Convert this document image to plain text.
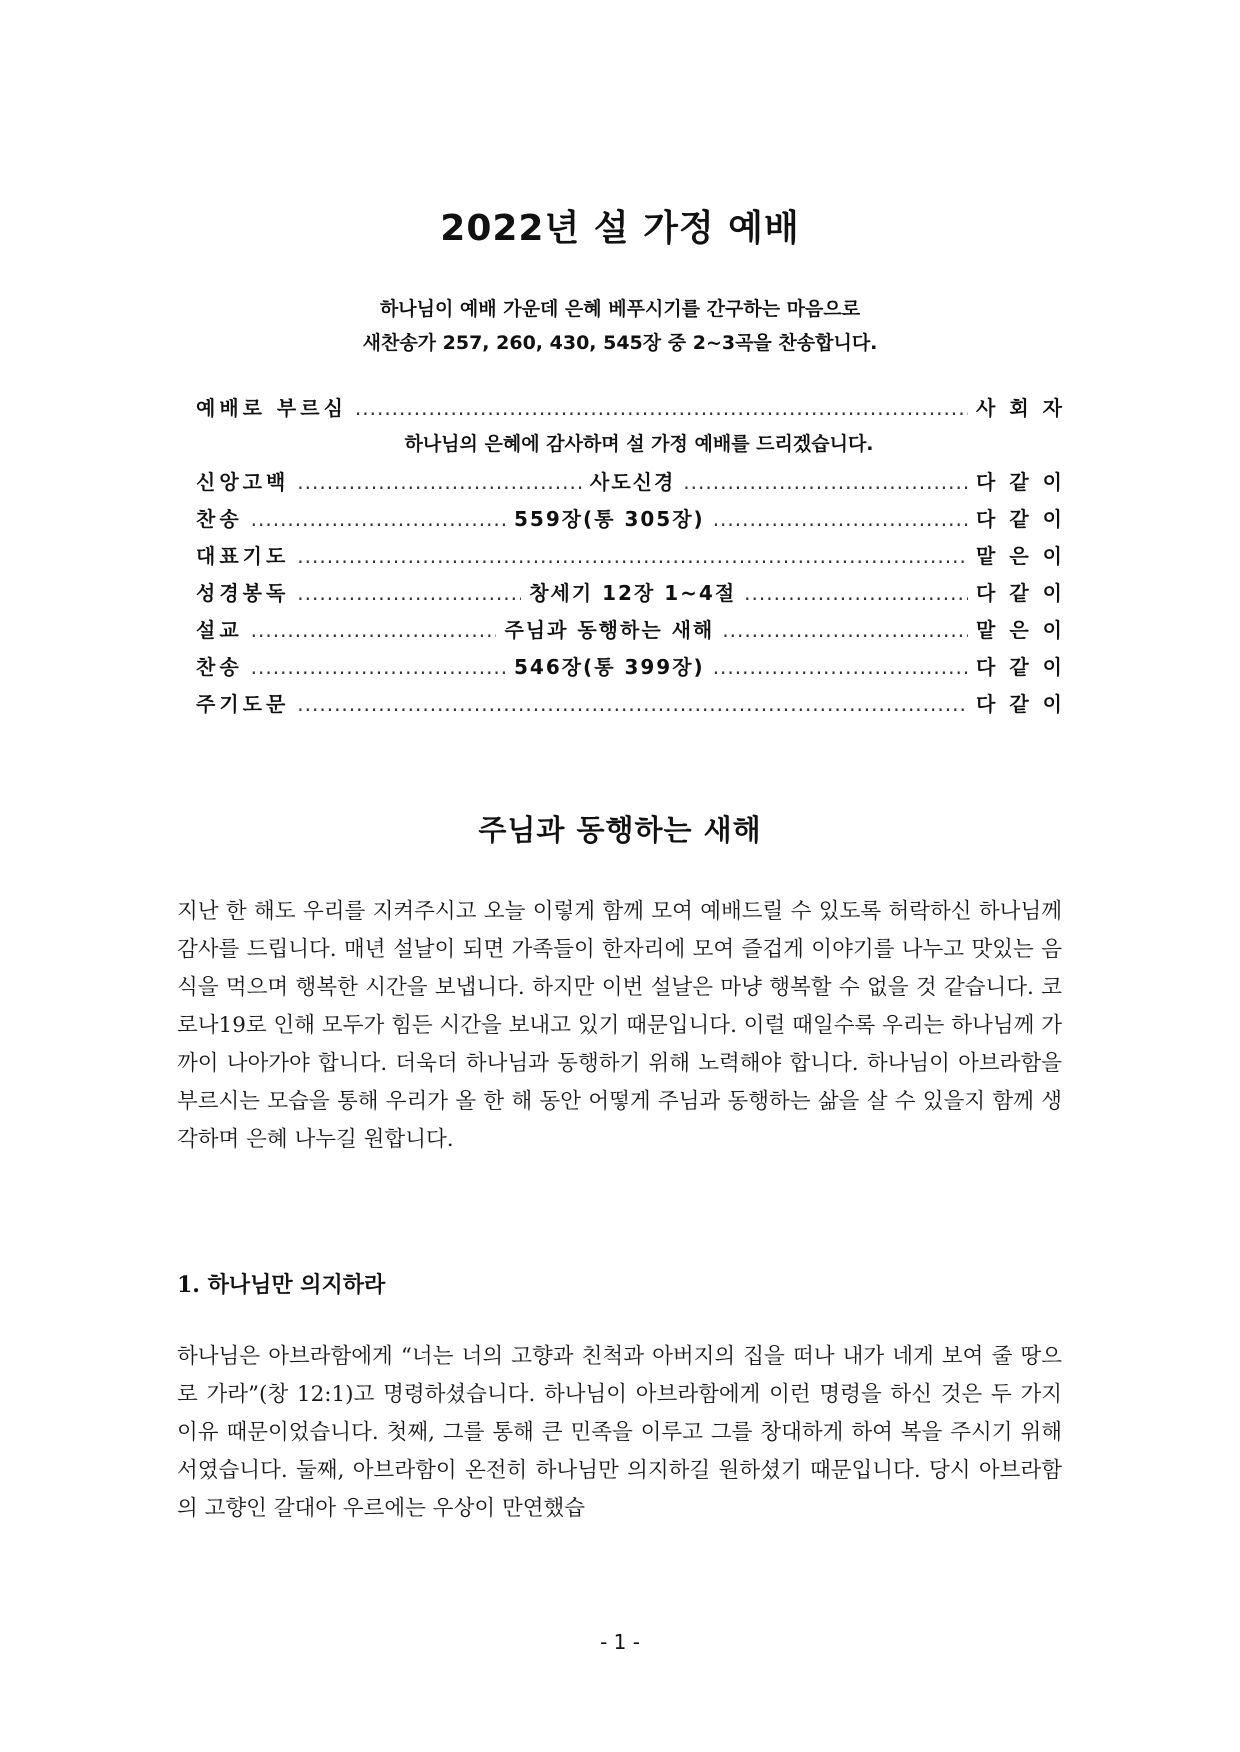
2022년 설 가정 예배
하나님이 예배 가운데 은혜 베푸시기를 간구하는 마음으로
새찬송가 257, 260, 430, 545장 중 2~3곡을 찬송합니다.
예배로 부르심 .....	사회자
하나님의 은혜에 감사하며 설 가정 예배를 드리겠습니다.
신앙고백 .....	사도신경 .....	다같이
찬송 .....	559장(통 305장) .....	다같이
대표기도 .....	맡은이
성경봉독 .....	창세기 12장 1~4절 .....	다같이
설교 .....	주님과 동행하는 새해 .....	맡은이
찬송 .....	546장(통 399장) .....	다같이
주기도문 .....	다같이
주님과 동행하는 새해
지난 한 해도 우리를 지켜주시고 오늘 이렇게 함께 모여 예배드릴 수 있도록 허락하신 하나님께 감사를 드립니다. 매년 설날이 되면 가족들이 한자리에 모여 즐겁게 이야기를 나누고 맛있는 음식을 먹으며 행복한 시간을 보냅니다. 하지만 이번 설날은 마냥 행복할 수 없을 것 같습니다. 코로나19로 인해 모두가 힘든 시간을 보내고 있기 때문입니다. 이럴 때일수록 우리는 하나님께 가까이 나아가야 합니다. 더욱더 하나님과 동행하기 위해 노력해야 합니다. 하나님이 아브라함을 부르시는 모습을 통해 우리가 올 한 해 동안 어떻게 주님과 동행하는 삶을 살 수 있을지 함께 생각하며 은혜 나누길 원합니다.
1. 하나님만 의지하라
하나님은 아브라함에게 “너는 너의 고향과 친척과 아버지의 집을 떠나 내가 네게 보여 줄 땅으로 가라”(창 12:1)고 명령하셨습니다. 하나님이 아브라함에게 이런 명령을 하신 것은 두 가지 이유 때문이었습니다. 첫째, 그를 통해 큰 민족을 이루고 그를 창대하게 하여 복을 주시기 위해서였습니다. 둘째, 아브라함이 온전히 하나님만 의지하길 원하셨기 때문입니다. 당시 아브라함의 고향인 갈대아 우르에는 우상이 만연했습
- 1 -
